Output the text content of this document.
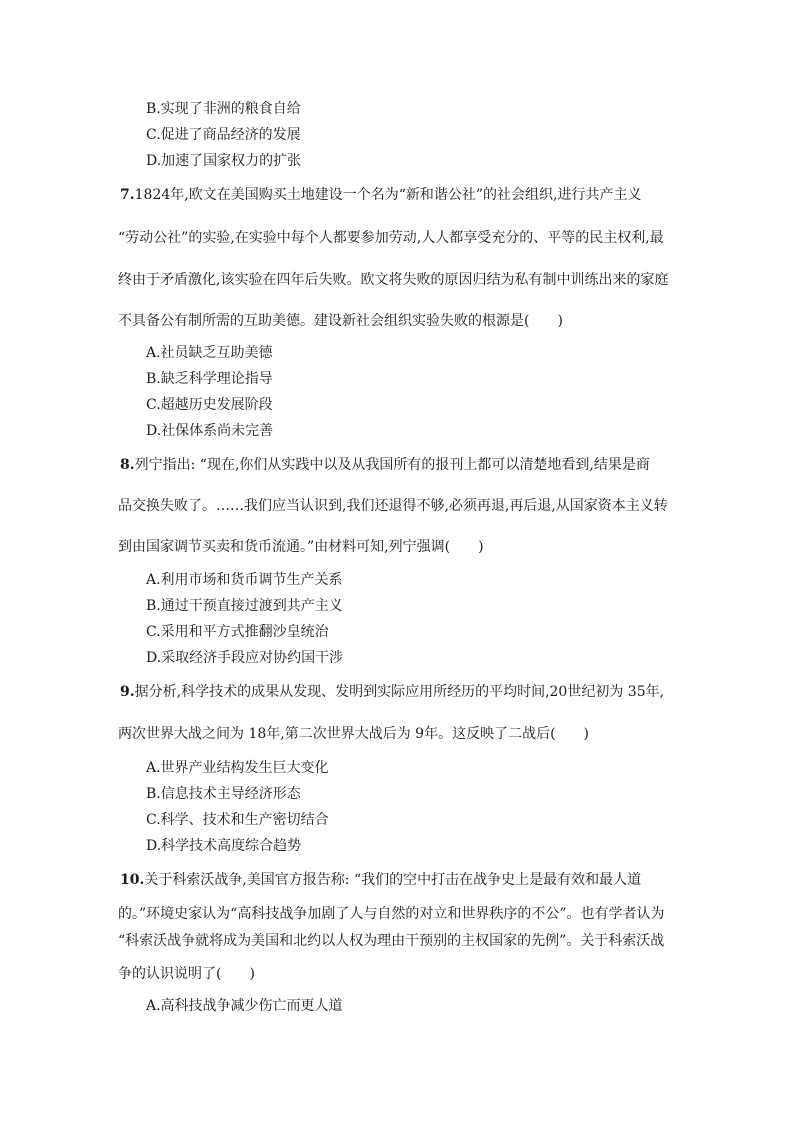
B.实现了非洲的粮食自给
C.促进了商品经济的发展
D.加速了国家权力的扩张
7.1824年,欧文在美国购买土地建设一个名为“新和谐公社”的社会组织,进行共产主义
“劳动公社”的实验,在实验中每个人都要参加劳动,人人都享受充分的、平等的民主权利,最
终由于矛盾激化,该实验在四年后失败。欧文将失败的原因归结为私有制中训练出来的家庭
不具备公有制所需的互助美德。建设新社会组织实验失败的根源是(　　)
A.社员缺乏互助美德
B.缺乏科学理论指导
C.超越历史发展阶段
D.社保体系尚未完善
8.列宁指出: “现在,你们从实践中以及从我国所有的报刊上都可以清楚地看到,结果是商
品交换失败了。……我们应当认识到,我们还退得不够,必须再退,再后退,从国家资本主义转
到由国家调节买卖和货币流通。”由材料可知,列宁强调(　　)
A.利用市场和货币调节生产关系
B.通过干预直接过渡到共产主义
C.采用和平方式推翻沙皇统治
D.采取经济手段应对协约国干涉
9.据分析,科学技术的成果从发现、发明到实际应用所经历的平均时间,20世纪初为 35年,
两次世界大战之间为 18年,第二次世界大战后为 9年。这反映了二战后(　　)
A.世界产业结构发生巨大变化
B.信息技术主导经济形态
C.科学、技术和生产密切结合
D.科学技术高度综合趋势
10.关于科索沃战争,美国官方报告称: “我们的空中打击在战争史上是最有效和最人道
的。”环境史家认为“高科技战争加剧了人与自然的对立和世界秩序的不公”。也有学者认为
“科索沃战争就将成为美国和北约以人权为理由干预别的主权国家的先例”。关于科索沃战
争的认识说明了(　　)
A.高科技战争减少伤亡而更人道
